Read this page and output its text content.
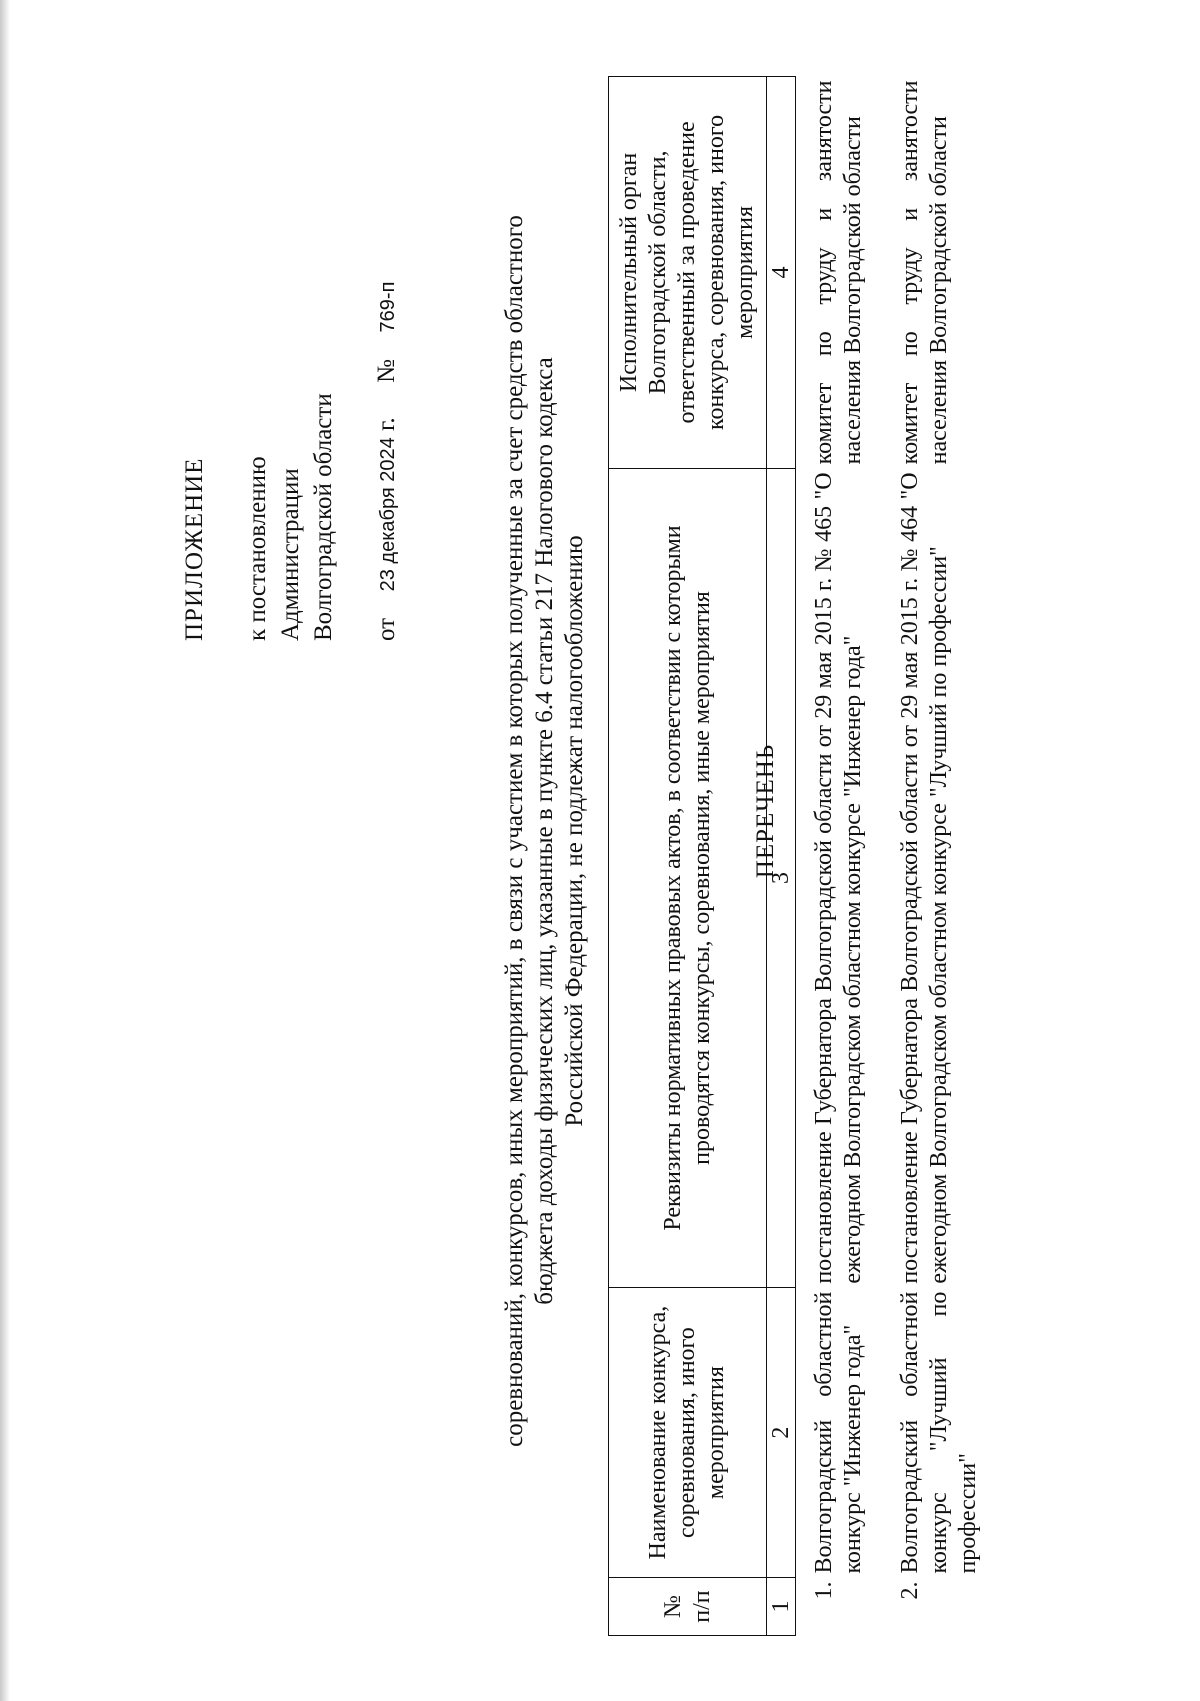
ПРИЛОЖЕНИЕ к постановлению Администрации Волгоградской области от  23 декабря 2024 г.  №  769-п
ПЕРЕЧЕНЬ
соревнований, конкурсов, иных мероприятий, в связи с участием в которых полученные за счет средств областного бюджета доходы физических лиц, указанные в пункте 6.4 статьи 217 Налогового кодекса Российской Федерации, не подлежат налогообложению
№ п/п	Наименование конкурса, соревнования, иного мероприятия	Реквизиты нормативных правовых актов, в соответствии с которыми проводятся конкурсы, соревнования, иные мероприятия	Исполнительный орган Волгоградской области, ответственный за проведение конкурса, соревнования, иного мероприятия
1	2	3	4

1.	Волгоградский областной конкурс "Инженер года"	постановление Губернатора Волгоградской области от 29 мая 2015 г. № 465 "О ежегодном Волгоградском областном конкурсе "Инженер года"	комитет по труду и занятости населения Волгоградской области

2.	Волгоградский областной конкурс "Лучший по профессии"	постановление Губернатора Волгоградской области от 29 мая 2015 г. № 464 "О ежегодном Волгоградском областном конкурсе "Лучший по профессии"	комитет по труду и занятости населения Волгоградской области
